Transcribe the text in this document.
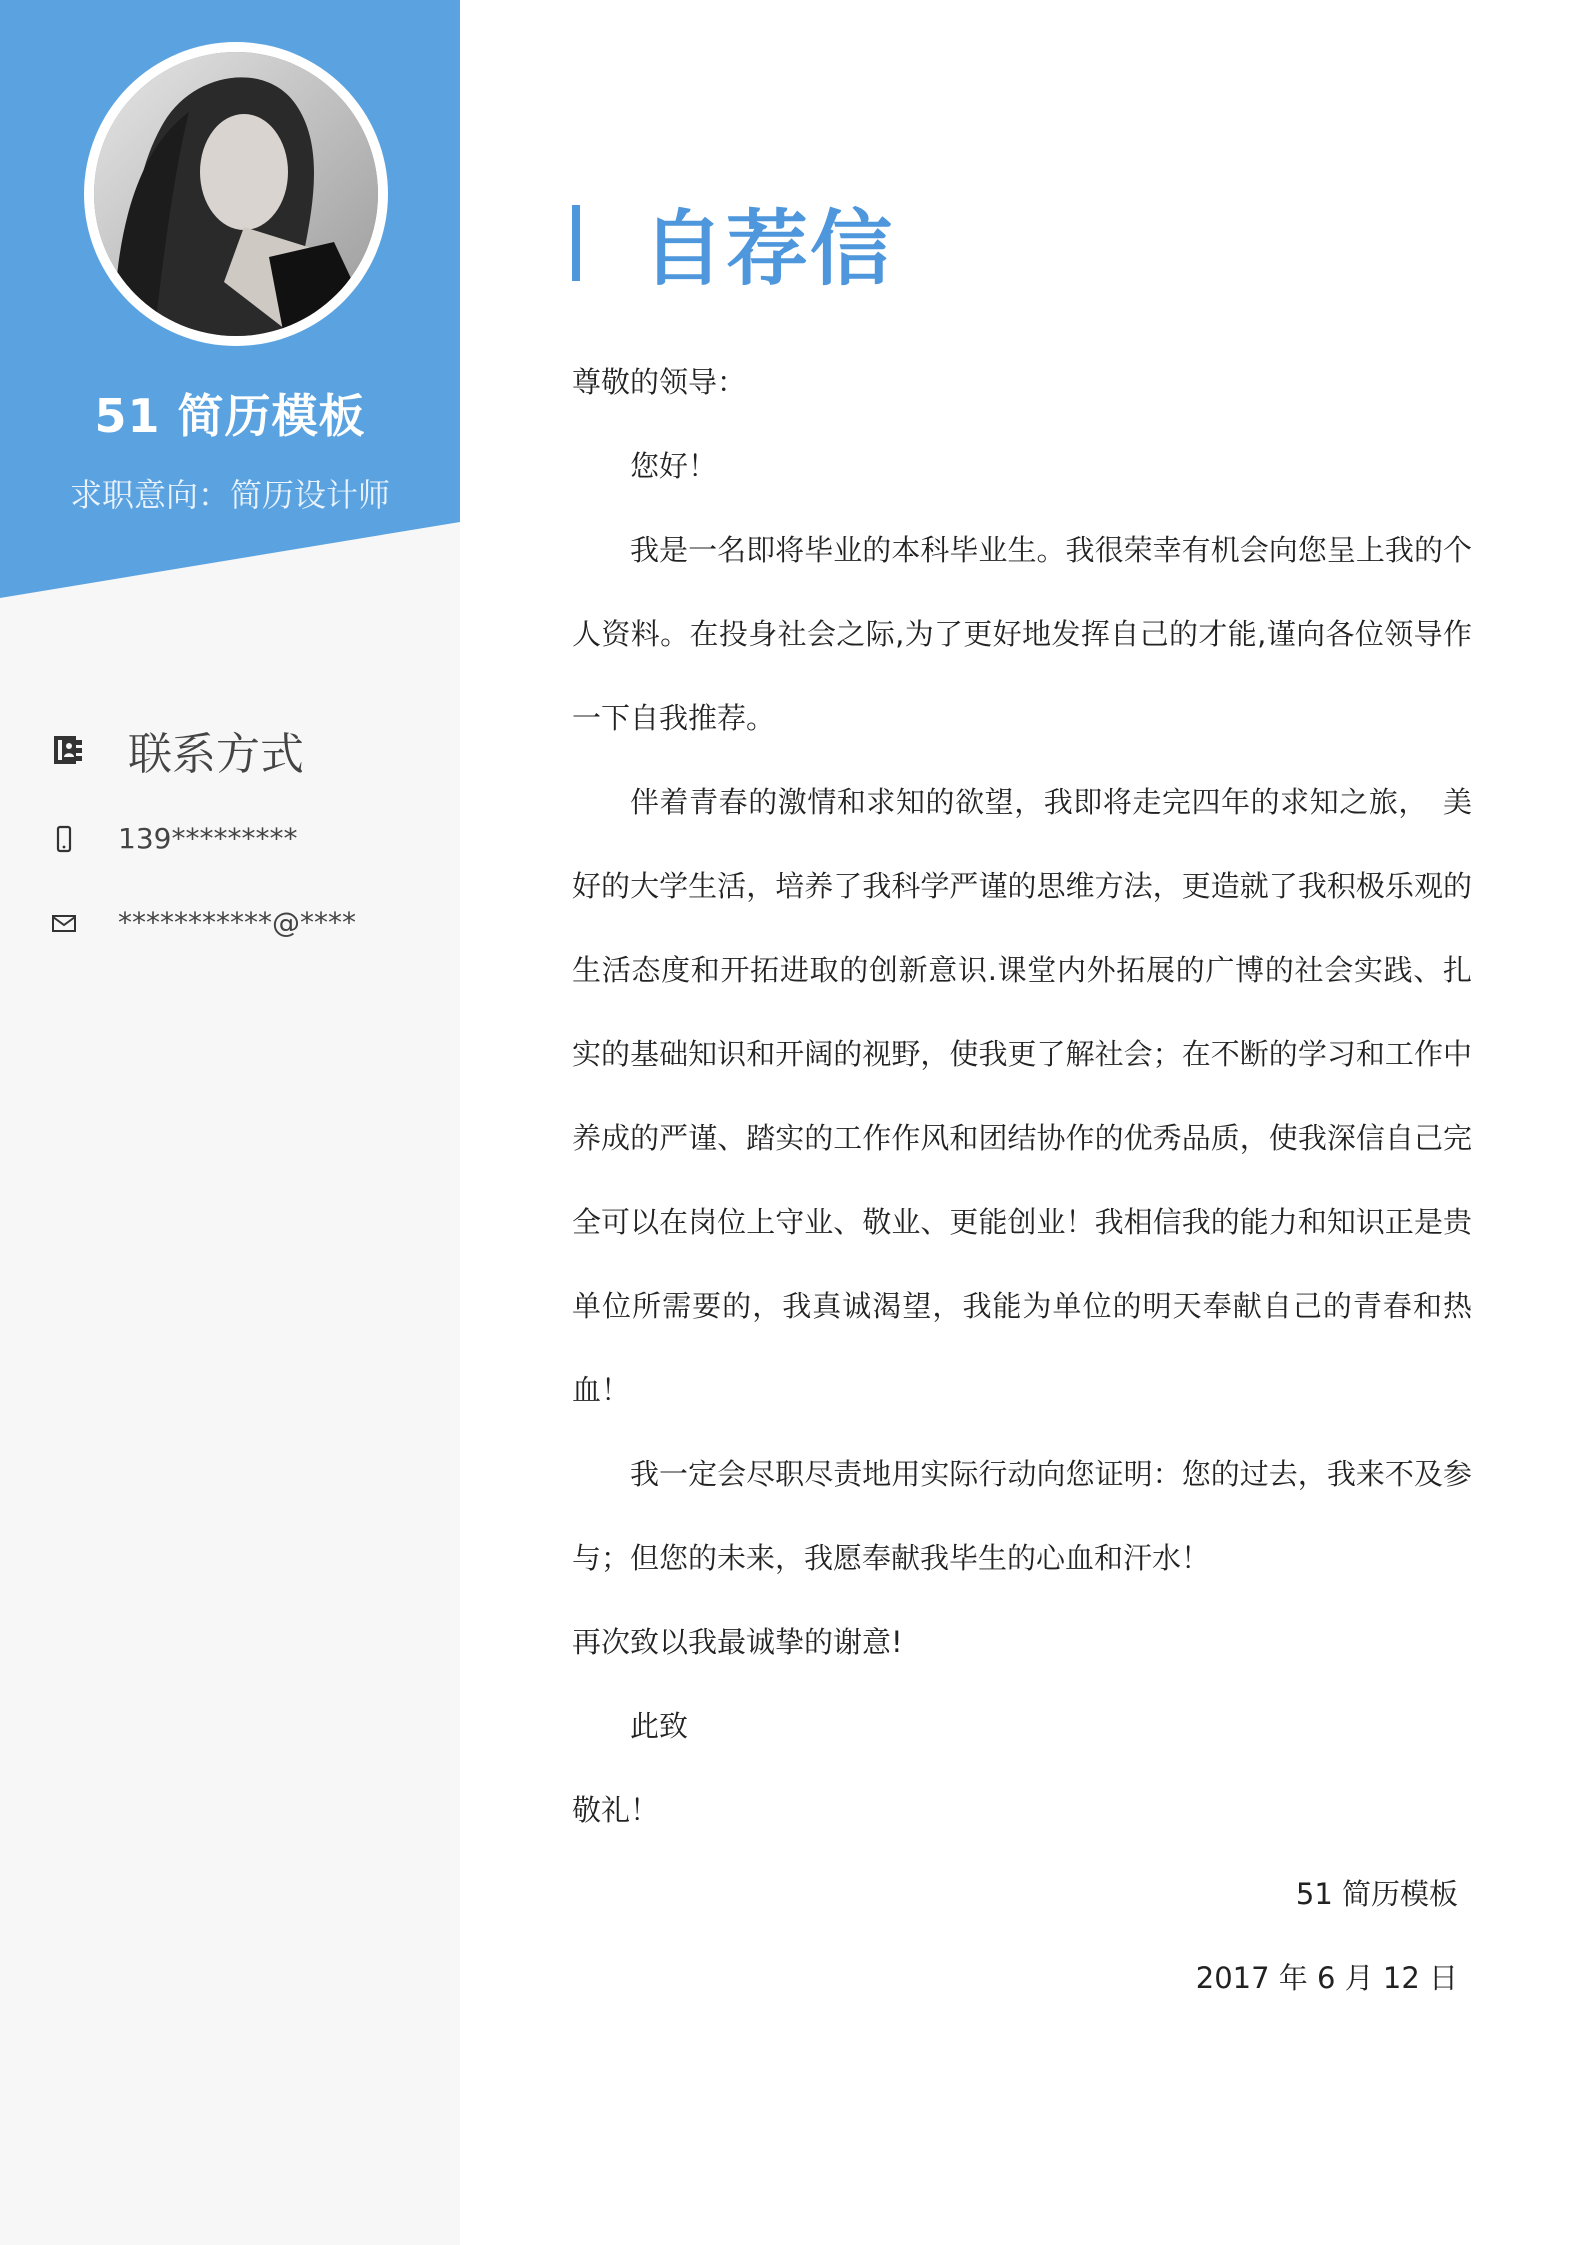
51 简历模板
求职意向：简历设计师
联系方式
139*********
***********@****
自荐信

尊敬的领导：

您好！

我是一名即将毕业的本科毕业生。我很荣幸有机会向您呈上我的个人资料。在投身社会之际,为了更好地发挥自己的才能,谨向各位领导作一下自我推荐。

伴着青春的激情和求知的欲望，我即将走完四年的求知之旅，　美好的大学生活，培养了我科学严谨的思维方法，更造就了我积极乐观的生活态度和开拓进取的创新意识.课堂内外拓展的广博的社会实践、扎实的基础知识和开阔的视野，使我更了解社会；在不断的学习和工作中养成的严谨、踏实的工作作风和团结协作的优秀品质，使我深信自己完全可以在岗位上守业、敬业、更能创业！我相信我的能力和知识正是贵单位所需要的，我真诚渴望，我能为单位的明天奉献自己的青春和热血！

我一定会尽职尽责地用实际行动向您证明：您的过去，我来不及参与；但您的未来，我愿奉献我毕生的心血和汗水！

再次致以我最诚挚的谢意!

此致

敬礼！

51 简历模板

2017 年 6 月 12 日
